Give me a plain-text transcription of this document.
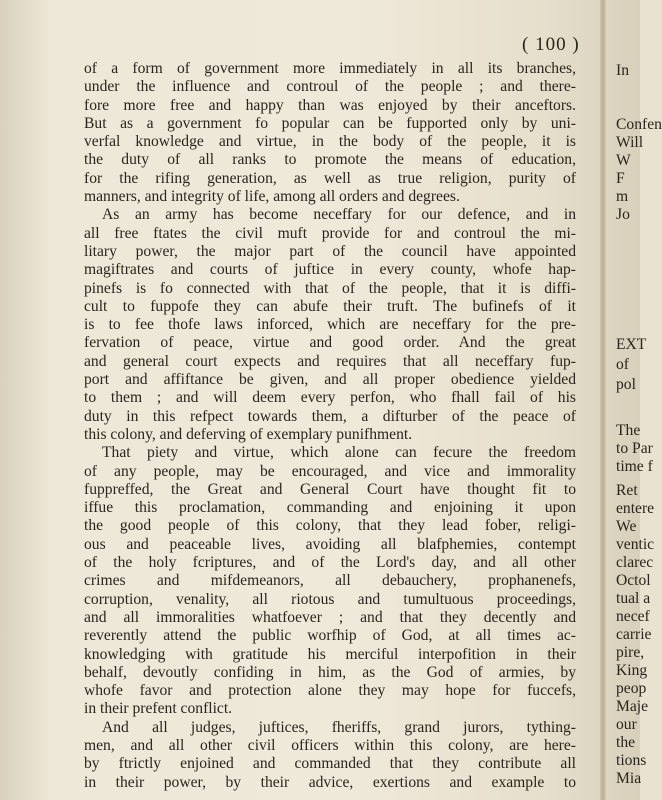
( 100 )
of a form of government more immediately in all its branches,
under the influence and controul of the people ; and there-
fore more free and happy than was enjoyed by their anceftors.
But as a government fo popular can be fupported only by uni-
verfal knowledge and virtue, in the body of the people, it is
the duty of all ranks to promote the means of education,
for the rifing generation, as well as true religion, purity of
manners, and integrity of life, among all orders and degrees.
As an army has become neceffary for our defence, and in
all free ftates the civil muft provide for and controul the mi-
litary power, the major part of the council have appointed
magiftrates and courts of juftice in every county, whofe hap-
pinefs is fo connected with that of the people, that it is diffi-
cult to fuppofe they can abufe their truft. The bufinefs of it
is to fee thofe laws inforced, which are neceffary for the pre-
fervation of peace, virtue and good order. And the great
and general court expects and requires that all neceffary fup-
port and affiftance be given, and all proper obedience yielded
to them ; and will deem every perfon, who fhall fail of his
duty in this refpect towards them, a difturber of the peace of
this colony, and deferving of exemplary punifhment.
That piety and virtue, which alone can fecure the freedom
of any people, may be encouraged, and vice and immorality
fuppreffed, the Great and General Court have thought fit to
iffue this proclamation, commanding and enjoining it upon
the good people of this colony, that they lead fober, religi-
ous and peaceable lives, avoiding all blafphemies, contempt
of the holy fcriptures, and of the Lord's day, and all other
crimes and mifdemeanors, all debauchery, prophanenefs,
corruption, venality, all riotous and tumultuous proceedings,
and all immoralities whatfoever ; and that they decently and
reverently attend the public worfhip of God, at all times ac-
knowledging with gratitude his merciful interpofition in their
behalf, devoutly confiding in him, as the God of armies, by
whofe favor and protection alone they may hope for fuccefs,
in their prefent conflict.
And all judges, juftices, fheriffs, grand jurors, tything-
men, and all other civil officers within this colony, are here-
by ftrictly enjoined and commanded that they contribute all
in their power, by their advice, exertions and example to
In
Confen
Will
W
F
m
Jo
EXT
of
pol
The
to Par
time f
Ret
entere
We
ventic
clarec
Octol
tual a
necef
carrie
pire,
King
peop
Maje
our
the
tions
Mia
